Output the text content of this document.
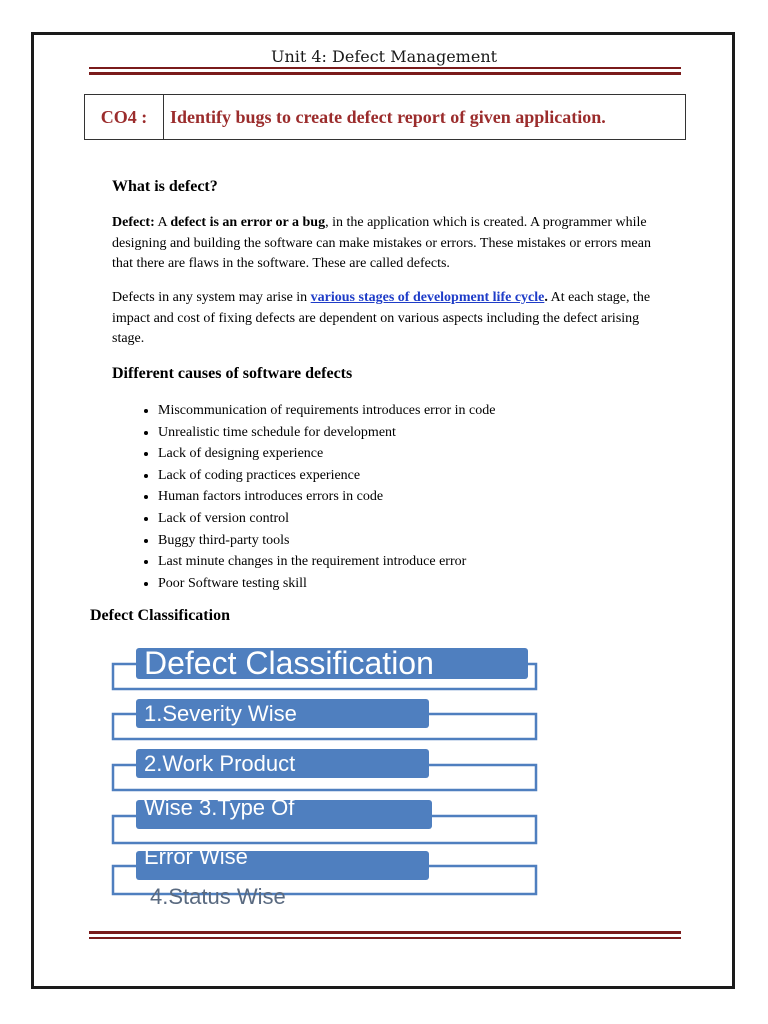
Unit 4: Defect Management
CO4 :	Identify bugs to create defect report of given application.
What is defect?
Defect: A defect is an error or a bug, in the application which is created. A programmer while designing and building the software can make mistakes or errors. These mistakes or errors mean that there are flaws in the software. These are called defects.
Defects in any system may arise in various stages of development life cycle. At each stage, the impact and cost of fixing defects are dependent on various aspects including the defect arising stage.
Different causes of software defects
• Miscommunication of requirements introduces error in code
• Unrealistic time schedule for development
• Lack of designing experience
• Lack of coding practices experience
• Human factors introduces errors in code
• Lack of version control
• Buggy third-party tools
• Last minute changes in the requirement introduce error
• Poor Software testing skill
Defect Classification
Defect Classification
1.Severity Wise
2.Work Product
Wise 3.Type Of
Error Wise
4.Status Wise
